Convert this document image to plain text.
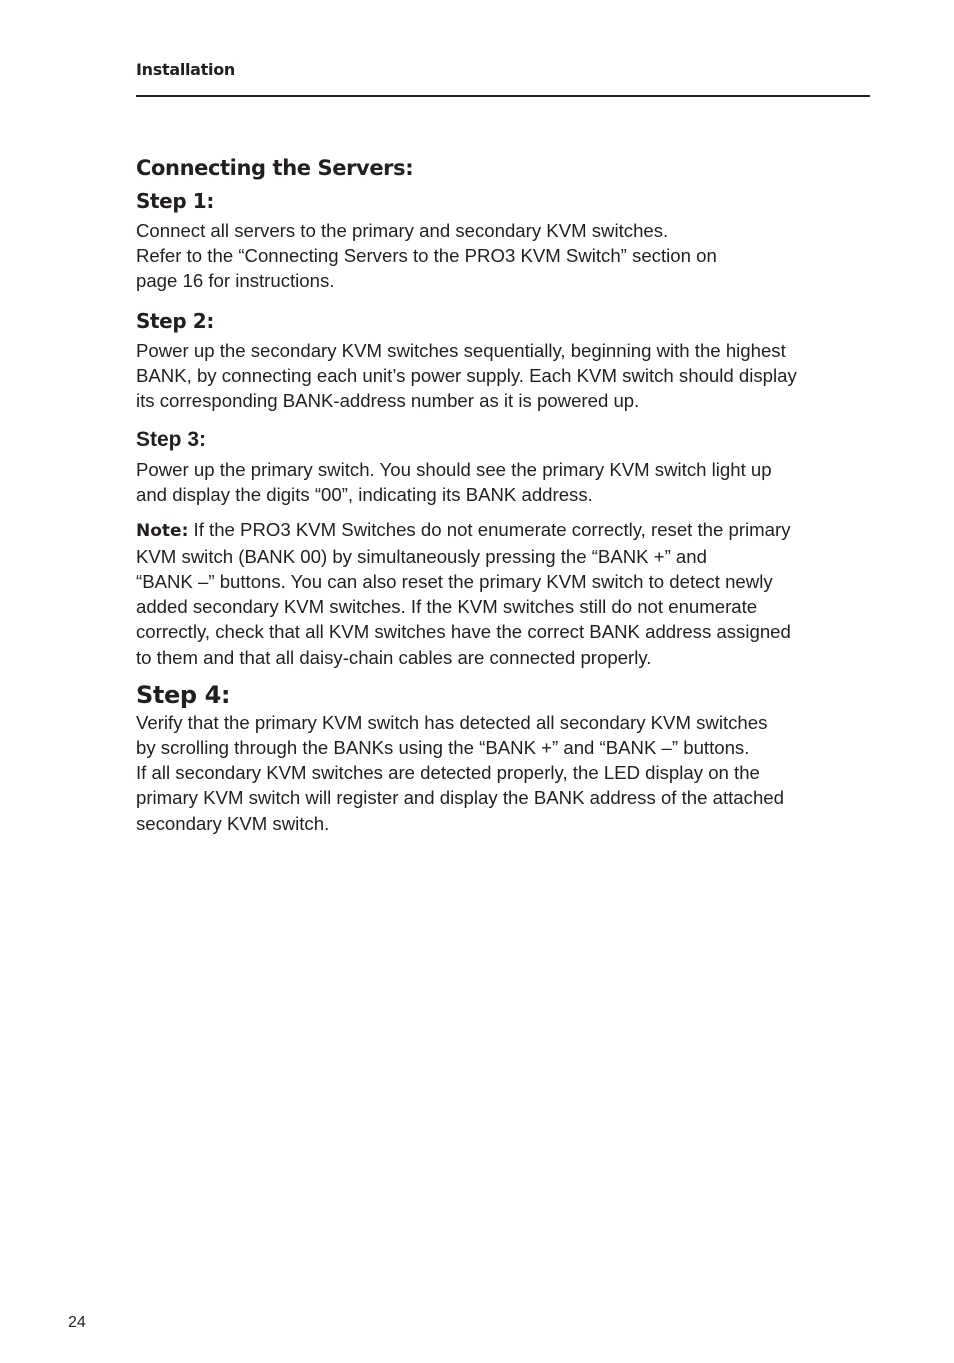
Installation
Connecting the Servers:
Step 1:

Connect all servers to the primary and secondary KVM switches.

Refer to the “Connecting Servers to the PRO3 KVM Switch” section on

page 16 for instructions.

Step 2:

Power up the secondary KVM switches sequentially, beginning with the highest

BANK, by connecting each unit’s power supply. Each KVM switch should display

its corresponding BANK-address number as it is powered up.

Step 3:

Power up the primary switch. You should see the primary KVM switch light up

and display the digits “00”, indicating its BANK address.

Note: If the PRO3 KVM Switches do not enumerate correctly, reset the primary

KVM switch (BANK 00) by simultaneously pressing the “BANK +” and

“BANK –” buttons. You can also reset the primary KVM switch to detect newly

added secondary KVM switches. If the KVM switches still do not enumerate

correctly, check that all KVM switches have the correct BANK address assigned

to them and that all daisy-chain cables are connected properly.

Step 4:

Verify that the primary KVM switch has detected all secondary KVM switches

by scrolling through the BANKs using the “BANK +” and “BANK –” buttons.

If all secondary KVM switches are detected properly, the LED display on the

primary KVM switch will register and display the BANK address of the attached

secondary KVM switch.

24
